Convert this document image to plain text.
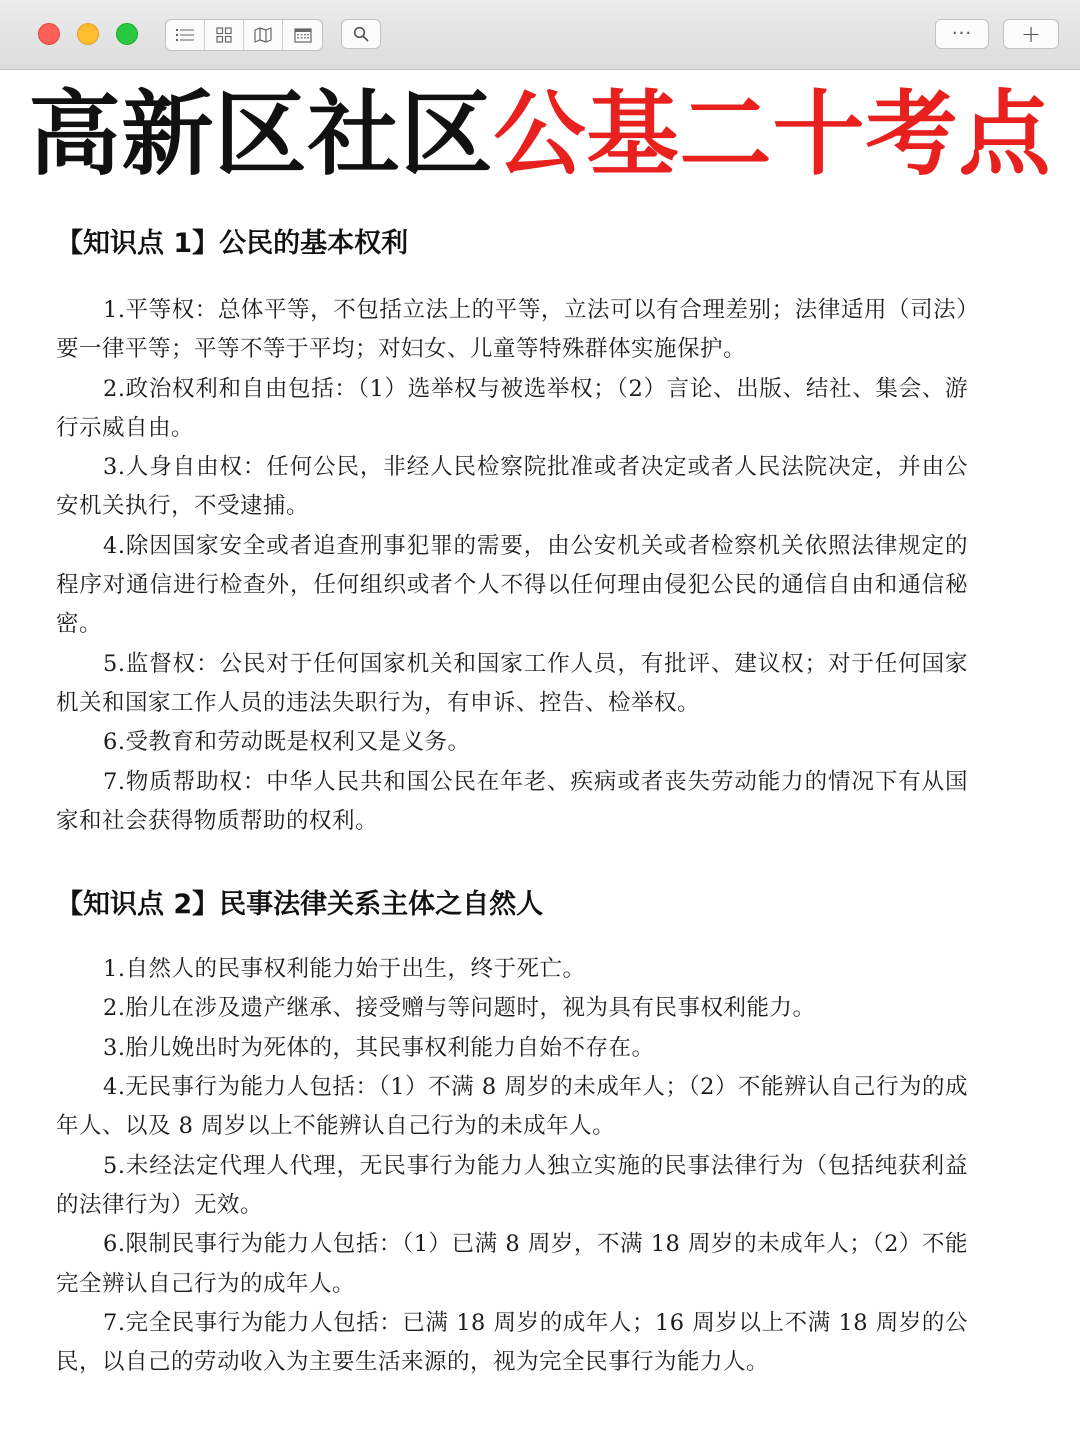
··· +
高新区社区公基二十考点
【知识点 1】公民的基本权利
1.平等权：总体平等，不包括立法上的平等，立法可以有合理差别；法律适用（司法）要一律平等；平等不等于平均；对妇女、儿童等特殊群体实施保护。
2.政治权利和自由包括：（1）选举权与被选举权；（2）言论、出版、结社、集会、游行示威自由。
3.人身自由权：任何公民，非经人民检察院批准或者决定或者人民法院决定，并由公安机关执行，不受逮捕。
4.除因国家安全或者追查刑事犯罪的需要，由公安机关或者检察机关依照法律规定的程序对通信进行检查外，任何组织或者个人不得以任何理由侵犯公民的通信自由和通信秘密。
5.监督权：公民对于任何国家机关和国家工作人员，有批评、建议权；对于任何国家机关和国家工作人员的违法失职行为，有申诉、控告、检举权。
6.受教育和劳动既是权利又是义务。
7.物质帮助权：中华人民共和国公民在年老、疾病或者丧失劳动能力的情况下有从国家和社会获得物质帮助的权利。
【知识点 2】民事法律关系主体之自然人
1.自然人的民事权利能力始于出生，终于死亡。
2.胎儿在涉及遗产继承、接受赠与等问题时，视为具有民事权利能力。
3.胎儿娩出时为死体的，其民事权利能力自始不存在。
4.无民事行为能力人包括：（1）不满 8 周岁的未成年人；（2）不能辨认自己行为的成年人、以及 8 周岁以上不能辨认自己行为的未成年人。
5.未经法定代理人代理，无民事行为能力人独立实施的民事法律行为（包括纯获利益的法律行为）无效。
6.限制民事行为能力人包括：（1）已满 8 周岁，不满 18 周岁的未成年人；（2）不能完全辨认自己行为的成年人。
7.完全民事行为能力人包括：已满 18 周岁的成年人；16 周岁以上不满 18 周岁的公民，以自己的劳动收入为主要生活来源的，视为完全民事行为能力人。
